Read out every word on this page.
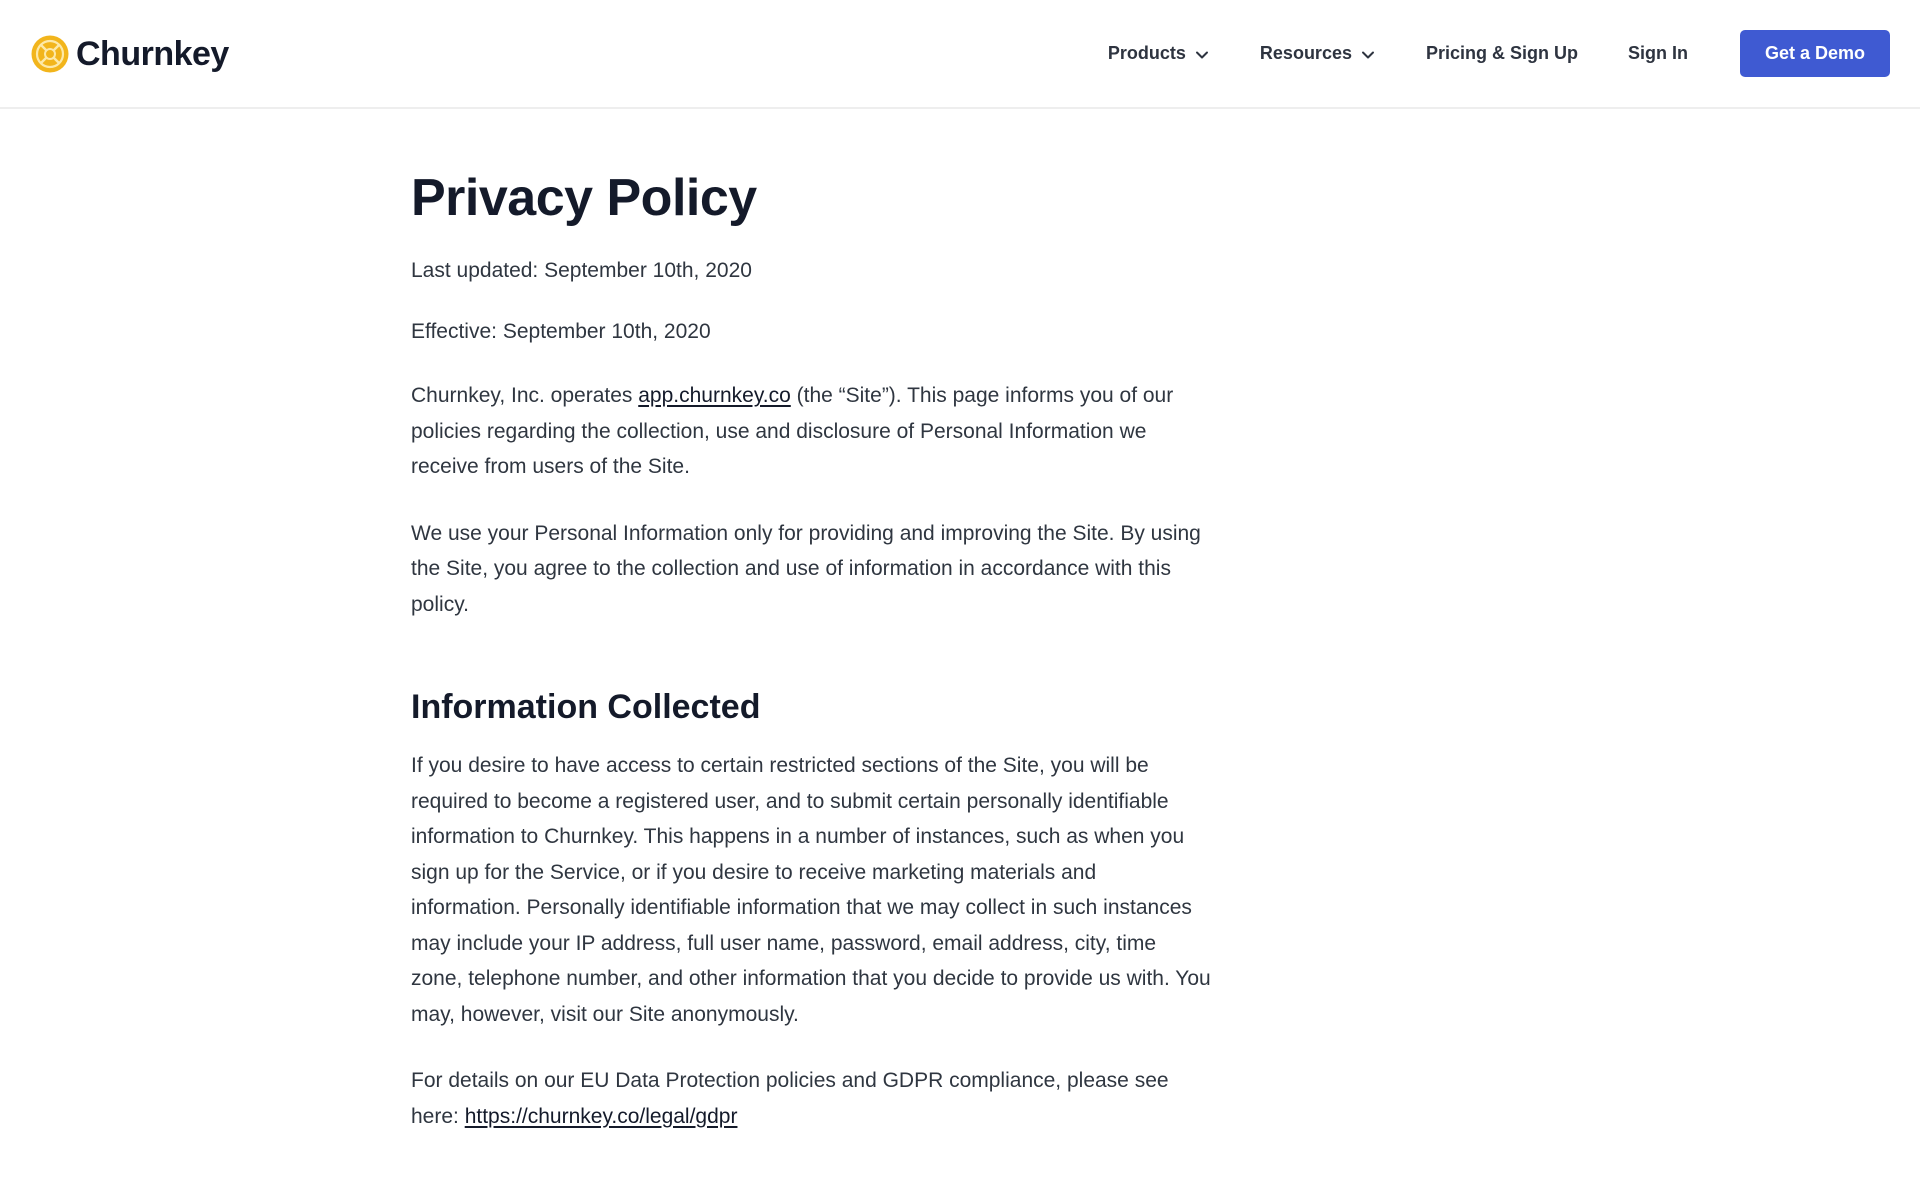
Churnkey	Products	Resources	Pricing & Sign Up	Sign In	Get a Demo
Privacy Policy

Last updated: September 10th, 2020

Effective: September 10th, 2020

Churnkey, Inc. operates app.churnkey.co (the “Site”). This page informs you of our policies regarding the collection, use and disclosure of Personal Information we receive from users of the Site.

We use your Personal Information only for providing and improving the Site. By using the Site, you agree to the collection and use of information in accordance with this policy.

Information Collected

If you desire to have access to certain restricted sections of the Site, you will be required to become a registered user, and to submit certain personally identifiable information to Churnkey. This happens in a number of instances, such as when you sign up for the Service, or if you desire to receive marketing materials and information. Personally identifiable information that we may collect in such instances may include your IP address, full user name, password, email address, city, time zone, telephone number, and other information that you decide to provide us with. You may, however, visit our Site anonymously.

For details on our EU Data Protection policies and GDPR compliance, please see here: https://churnkey.co/legal/gdpr
